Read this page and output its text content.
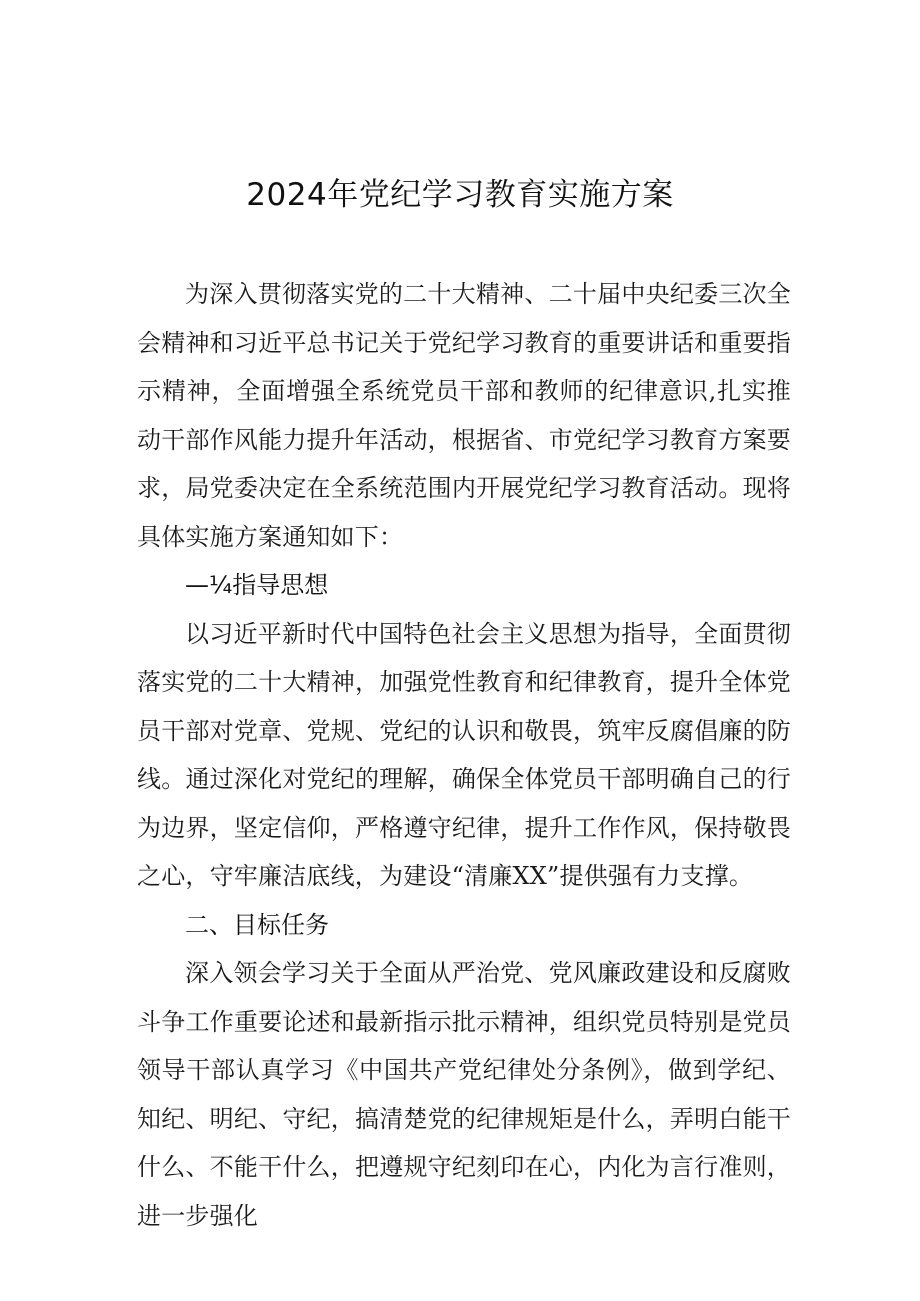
2024年党纪学习教育实施方案

为深入贯彻落实党的二十大精神、二十届中央纪委三次全会精神和习近平总书记关于党纪学习教育的重要讲话和重要指示精神，全面增强全系统党员干部和教师的纪律意识,扎实推动干部作风能力提升年活动，根据省、市党纪学习教育方案要求，局党委决定在全系统范围内开展党纪学习教育活动。现将具体实施方案通知如下：

—¼指导思想

以习近平新时代中国特色社会主义思想为指导，全面贯彻落实党的二十大精神，加强党性教育和纪律教育，提升全体党员干部对党章、党规、党纪的认识和敬畏，筑牢反腐倡廉的防线。通过深化对党纪的理解，确保全体党员干部明确自己的行为边界，坚定信仰，严格遵守纪律，提升工作作风，保持敬畏之心，守牢廉洁底线，为建设“清廉XX”提供强有力支撑。

二、目标任务

深入领会学习关于全面从严治党、党风廉政建设和反腐败斗争工作重要论述和最新指示批示精神，组织党员特别是党员领导干部认真学习《中国共产党纪律处分条例》，做到学纪、知纪、明纪、守纪，搞清楚党的纪律规矩是什么，弄明白能干什么、不能干什么，把遵规守纪刻印在心，内化为言行准则，进一步强化
